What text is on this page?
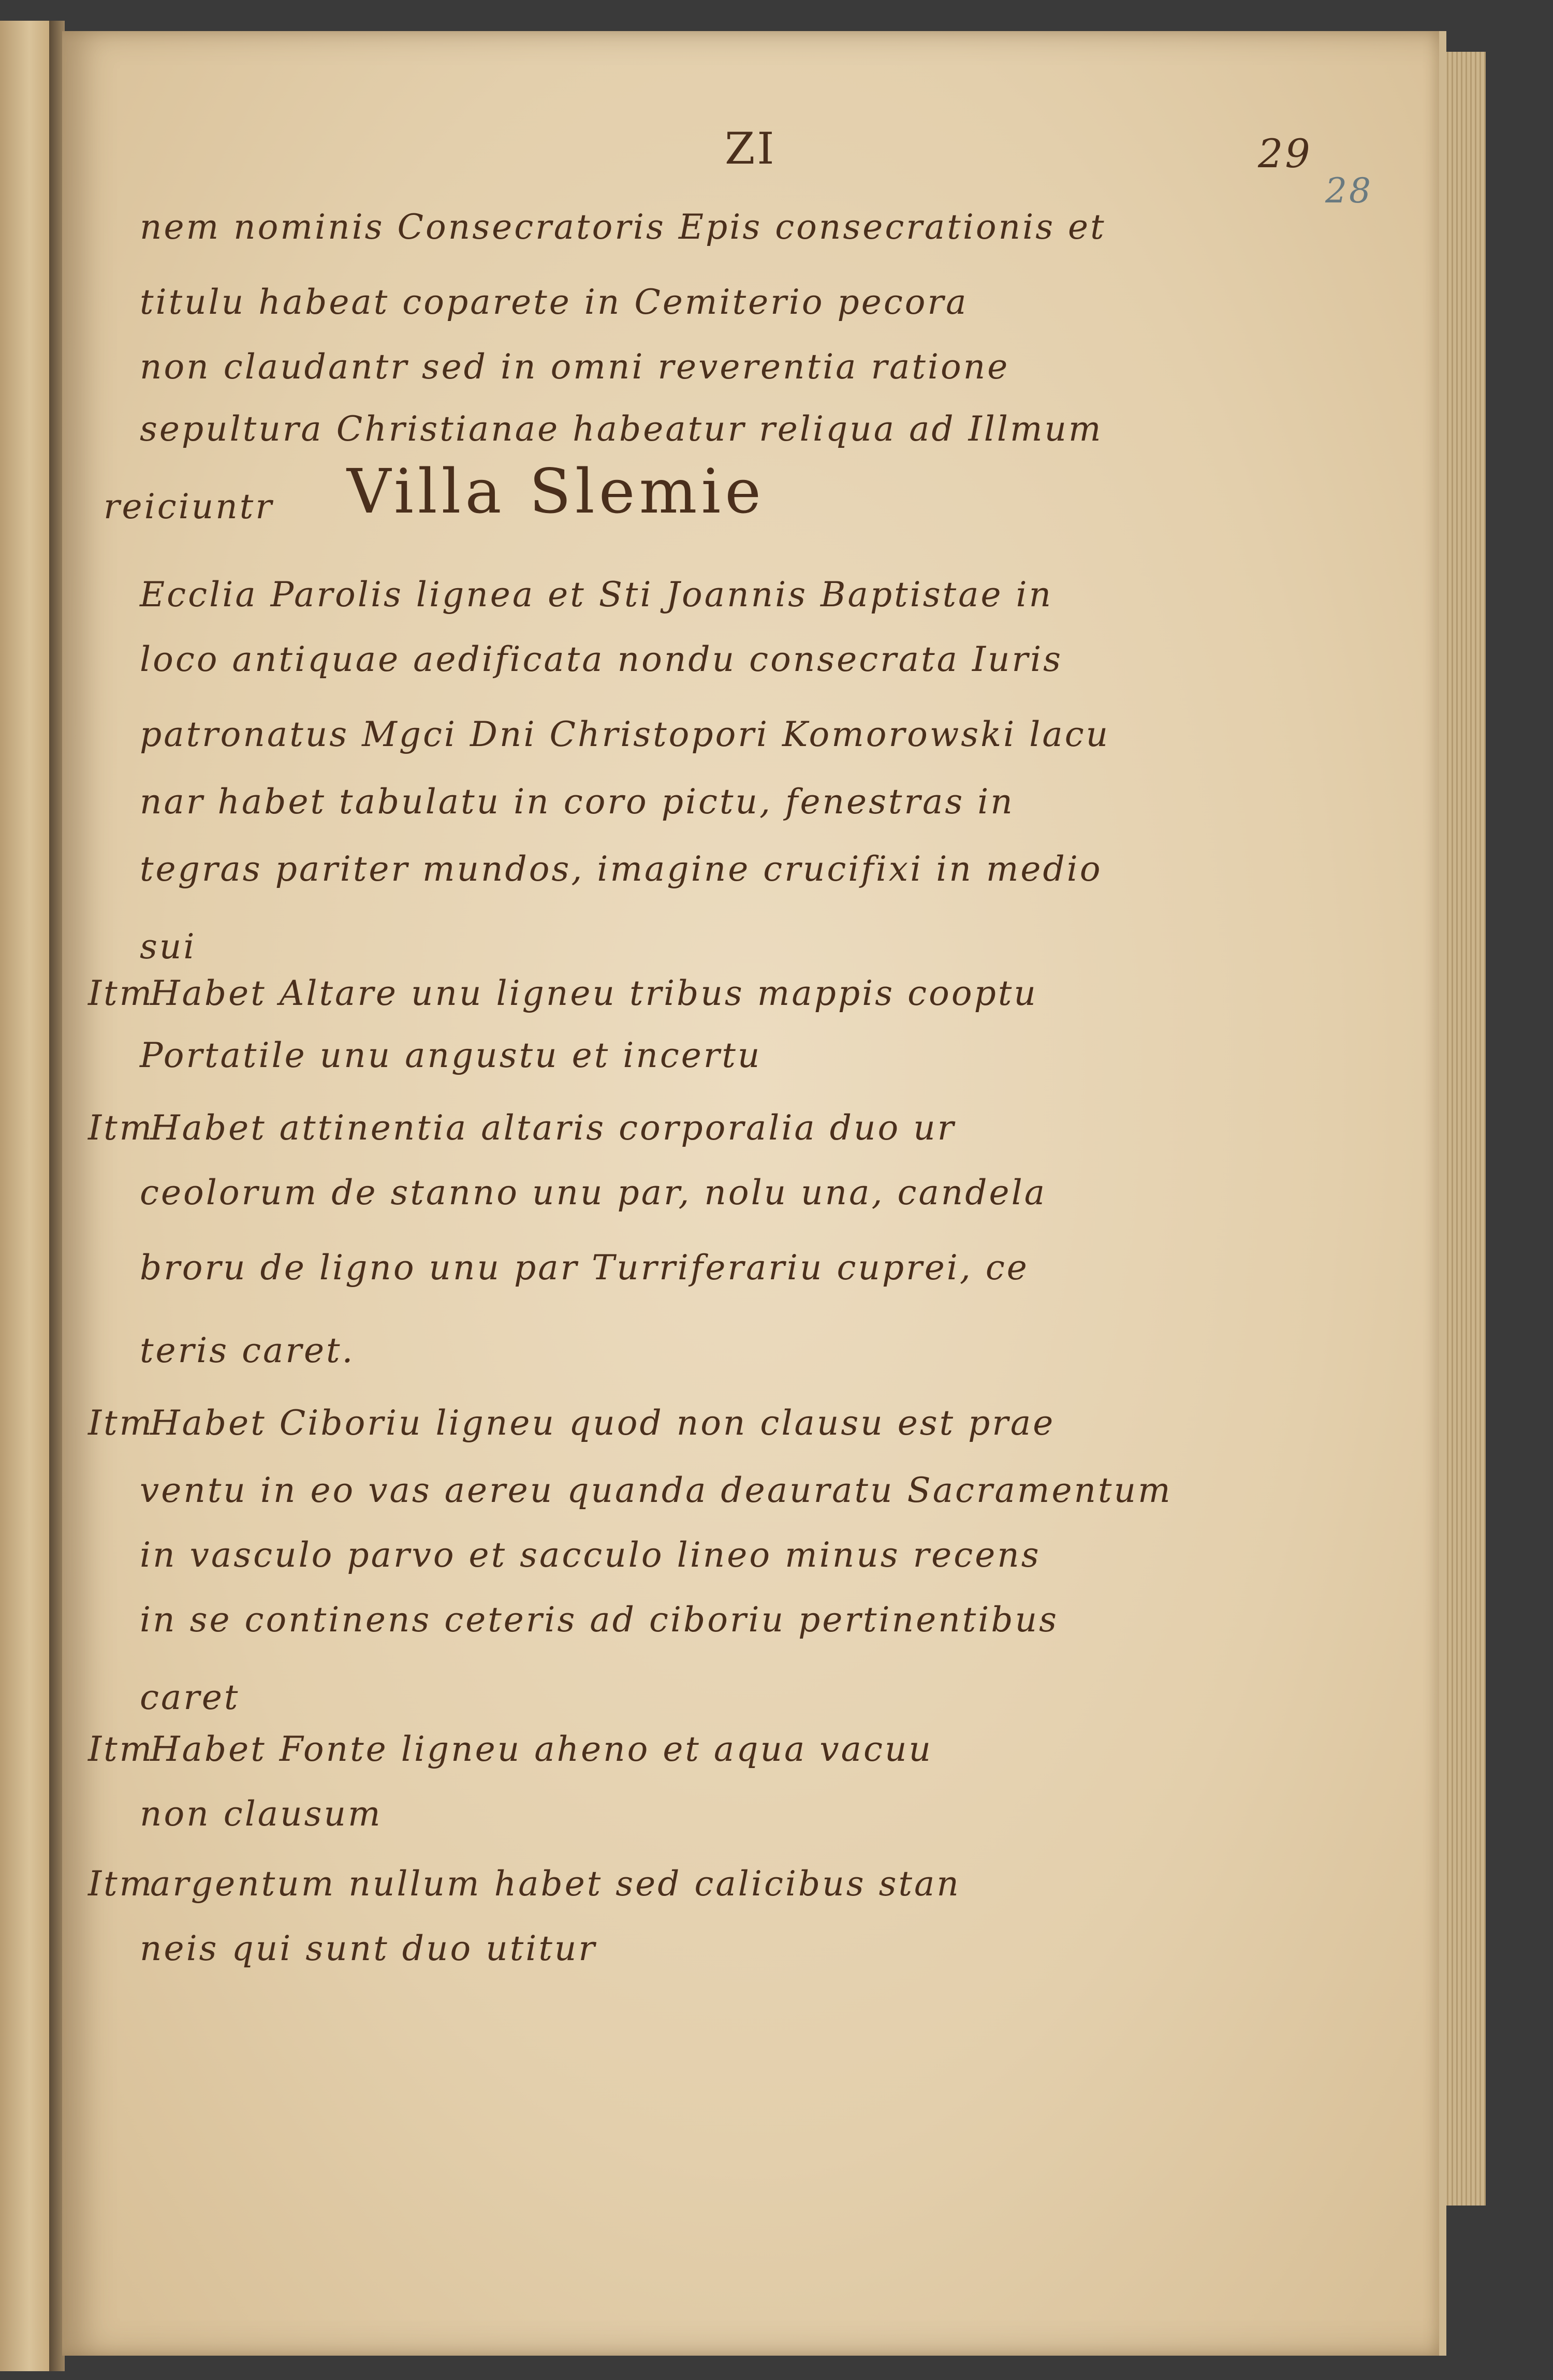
ZI	29
28
nem nominis Consecratoris Epis consecrationis et
titulu habeat coparete in Cemiterio pecora
non claudantr sed in omni reverentia ratione
sepultura Christianae habeatur reliqua ad Illmum
reiciuntr Villa Slemie
Ecclia Parolis lignea et Sti Joannis Baptistae in
loco antiquae aedificata nondu consecrata Iuris
patronatus Mgci Dni Christopori Komorowski lacu
nar habet tabulatu in coro pictu, fenestras in
tegras pariter mundos, imagine crucifixi in medio
sui
Itm
Habet Altare unu ligneu tribus mappis cooptu
Portatile unu angustu et incertu
Itm
Habet attinentia altaris corporalia duo ur
ceolorum de stanno unu par, nolu una, candela
broru de ligno unu par Turriferariu cuprei, ce
teris caret.
Itm
Habet Ciboriu ligneu quod non clausu est prae
ventu in eo vas aereu quanda deauratu Sacramentum
in vasculo parvo et sacculo lineo minus recens
in se continens ceteris ad ciboriu pertinentibus
caret
Itm
Habet Fonte ligneu aheno et aqua vacuu
non clausum
Itm
argentum nullum habet sed calicibus stan
neis qui sunt duo utitur
